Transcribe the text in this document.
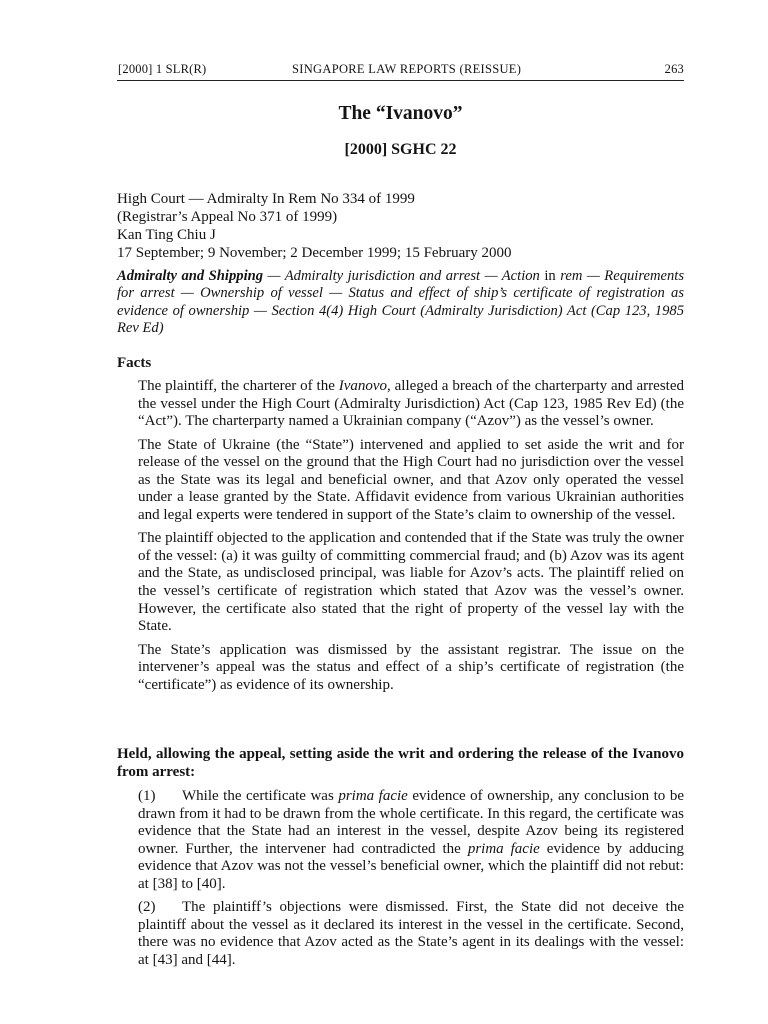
[2000] 1 SLR(R)	SINGAPORE LAW REPORTS (REISSUE)	263
The “Ivanovo”
[2000] SGHC 22
High Court — Admiralty In Rem No 334 of 1999
(Registrar’s Appeal No 371 of 1999)
Kan Ting Chiu J
17 September; 9 November; 2 December 1999; 15 February 2000
Admiralty and Shipping — Admiralty jurisdiction and arrest — Action in rem — Requirements for arrest — Ownership of vessel — Status and effect of ship’s certificate of registration as evidence of ownership — Section 4(4) High Court (Admiralty Jurisdiction) Act (Cap 123, 1985 Rev Ed)
Facts

The plaintiff, the charterer of the Ivanovo, alleged a breach of the charterparty and arrested the vessel under the High Court (Admiralty Jurisdiction) Act (Cap 123, 1985 Rev Ed) (the “Act”). The charterparty named a Ukrainian company (“Azov”) as the vessel’s owner.

The State of Ukraine (the “State”) intervened and applied to set aside the writ and for release of the vessel on the ground that the High Court had no jurisdiction over the vessel as the State was its legal and beneficial owner, and that Azov only operated the vessel under a lease granted by the State. Affidavit evidence from various Ukrainian authorities and legal experts were tendered in support of the State’s claim to ownership of the vessel.

The plaintiff objected to the application and contended that if the State was truly the owner of the vessel: (a) it was guilty of committing commercial fraud; and (b) Azov was its agent and the State, as undisclosed principal, was liable for Azov’s acts. The plaintiff relied on the vessel’s certificate of registration which stated that Azov was the vessel’s owner. However, the certificate also stated that the right of property of the vessel lay with the State.

The State’s application was dismissed by the assistant registrar. The issue on the intervener’s appeal was the status and effect of a ship’s certificate of registration (the “certificate”) as evidence of its ownership.

Held, allowing the appeal, setting aside the writ and ordering the release of the Ivanovo from arrest:

(1) While the certificate was prima facie evidence of ownership, any conclusion to be drawn from it had to be drawn from the whole certificate. In this regard, the certificate was evidence that the State had an interest in the vessel, despite Azov being its registered owner. Further, the intervener had contradicted the prima facie evidence by adducing evidence that Azov was not the vessel’s beneficial owner, which the plaintiff did not rebut: at [38] to [40].

(2) The plaintiff’s objections were dismissed. First, the State did not deceive the plaintiff about the vessel as it declared its interest in the vessel in the certificate. Second, there was no evidence that Azov acted as the State’s agent in its dealings with the vessel: at [43] and [44].
